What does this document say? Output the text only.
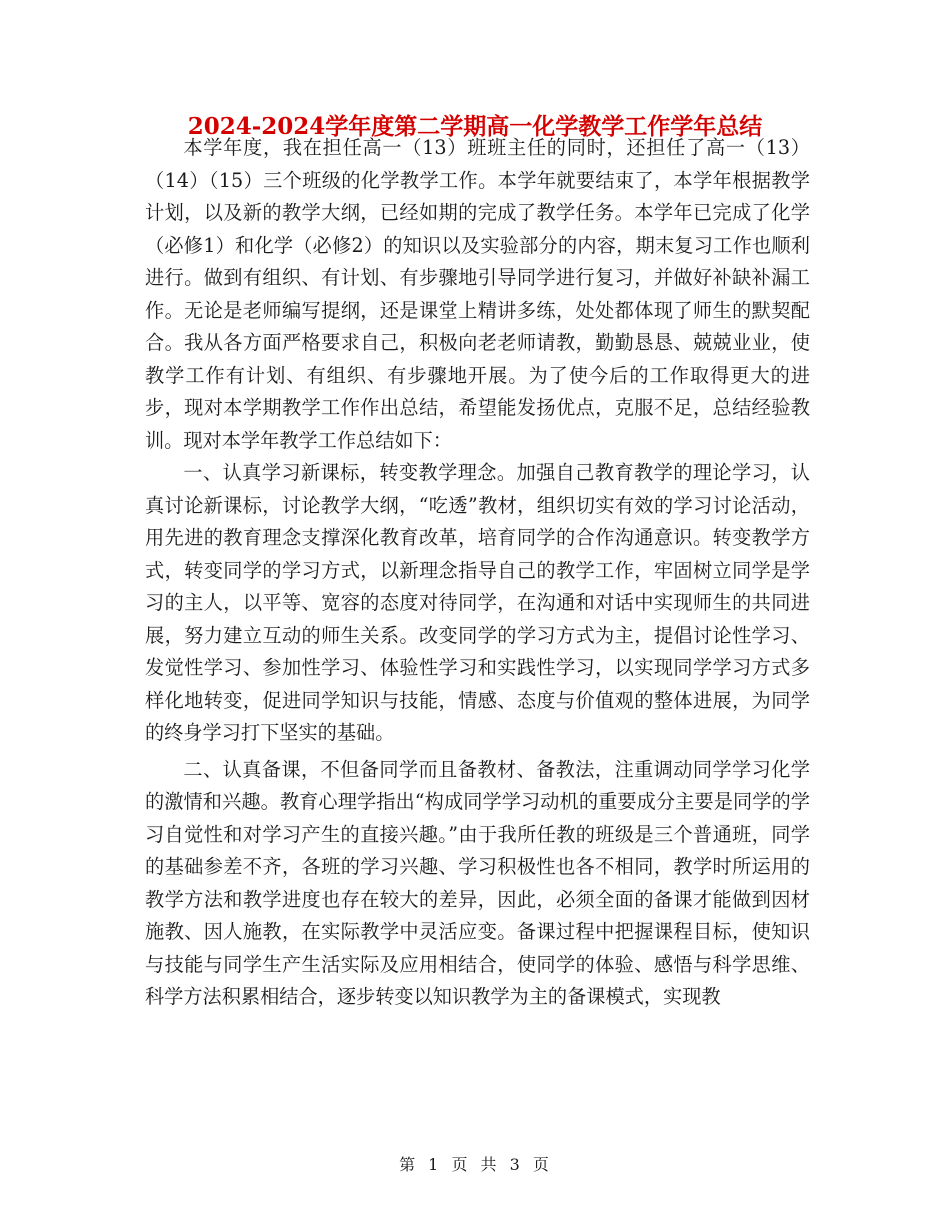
2024-2024学年度第二学期高一化学教学工作学年总结

本学年度，我在担任高一（13）班班主任的同时，还担任了高一（13）（14）（15）三个班级的化学教学工作。本学年就要结束了，本学年根据教学计划，以及新的教学大纲，已经如期的完成了教学任务。本学年已完成了化学（必修1）和化学（必修2）的知识以及实验部分的内容，期末复习工作也顺利进行。做到有组织、有计划、有步骤地引导同学进行复习，并做好补缺补漏工作。无论是老师编写提纲，还是课堂上精讲多练，处处都体现了师生的默契配合。我从各方面严格要求自己，积极向老老师请教，勤勤恳恳、兢兢业业，使教学工作有计划、有组织、有步骤地开展。为了使今后的工作取得更大的进步，现对本学期教学工作作出总结，希望能发扬优点，克服不足，总结经验教训。现对本学年教学工作总结如下：

一、认真学习新课标，转变教学理念。加强自己教育教学的理论学习，认真讨论新课标，讨论教学大纲，“吃透”教材，组织切实有效的学习讨论活动，用先进的教育理念支撑深化教育改革，培育同学的合作沟通意识。转变教学方式，转变同学的学习方式，以新理念指导自己的教学工作，牢固树立同学是学习的主人，以平等、宽容的态度对待同学，在沟通和对话中实现师生的共同进展，努力建立互动的师生关系。改变同学的学习方式为主，提倡讨论性学习、发觉性学习、参加性学习、体验性学习和实践性学习，以实现同学学习方式多样化地转变，促进同学知识与技能，情感、态度与价值观的整体进展，为同学的终身学习打下坚实的基础。

二、认真备课，不但备同学而且备教材、备教法，注重调动同学学习化学的激情和兴趣。教育心理学指出“构成同学学习动机的重要成分主要是同学的学习自觉性和对学习产生的直接兴趣。”由于我所任教的班级是三个普通班，同学的基础参差不齐，各班的学习兴趣、学习积极性也各不相同，教学时所运用的教学方法和教学进度也存在较大的差异，因此，必须全面的备课才能做到因材施教、因人施教，在实际教学中灵活应变。备课过程中把握课程目标，使知识与技能与同学生产生活实际及应用相结合，使同学的体验、感悟与科学思维、科学方法积累相结合，逐步转变以知识教学为主的备课模式，实现教

第 1 页 共 3 页
